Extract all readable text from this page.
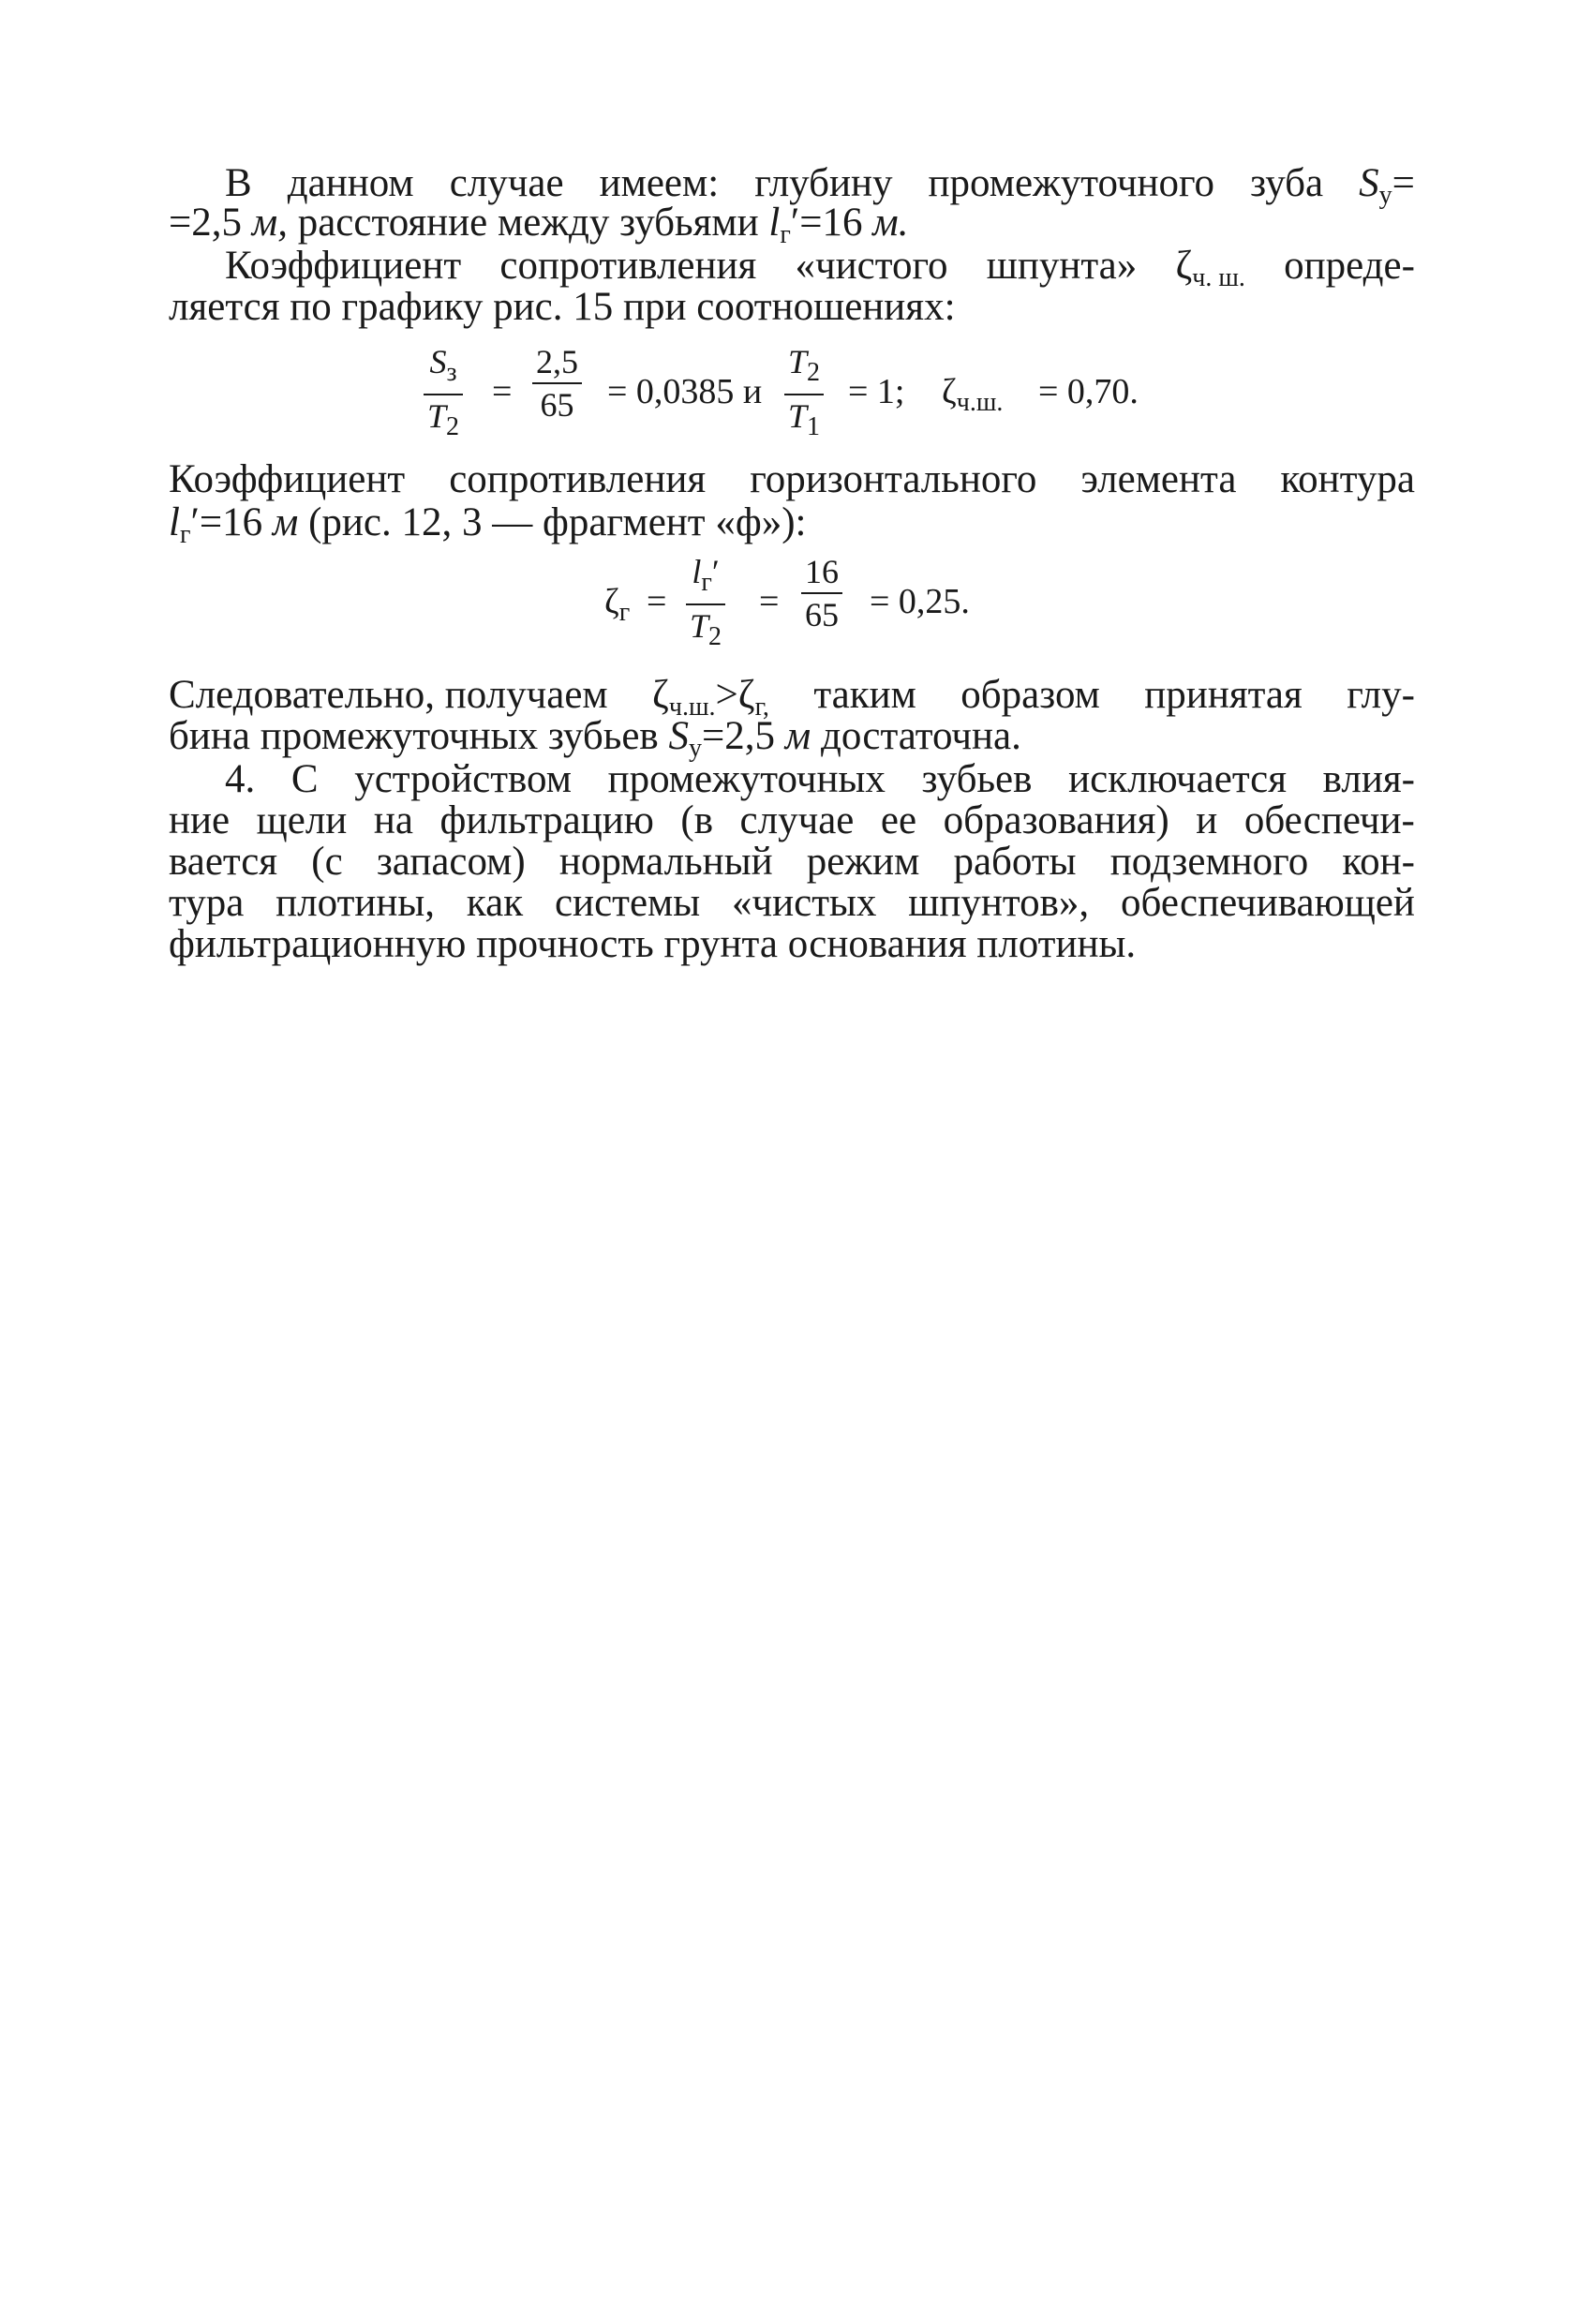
В данном случае имеем: глубину промежуточного зуба Sу=
=2,5 м, расстояние между зубьями $l_г'=16$ м.
Коэффициент сопротивления «чистого шпунта» ζч. ш. опреде-
ляется по графику рис. 15 при соотношениях:
$S_з$
$T_2$
=
2,5
65 = 0,0385 и
$T_2$
$T_1$
= 1; $\zeta_{ч.ш.} = 0,70$.
Коэффициент сопротивления горизонтального элемента контура
$l_г'=16$ м (рис. 12, 3 — фрагмент «ф»):
$\zeta_г$ =
$l_г'$
$T_2$
=
16
65 = 0,25.
Следовательно, получаем ζч.ш.>ζг, таким образом принятая глу-
бина промежуточных зубьев $S_у=2,5$ м достаточна.
4. С устройством промежуточных зубьев исключается влия-
ние щели на фильтрацию (в случае ее образования) и обеспечи-
вается (с запасом) нормальный режим работы подземного кон-
тура плотины, как системы «чистых шпунтов», обеспечивающей
фильтрационную прочность грунта основания плотины.
